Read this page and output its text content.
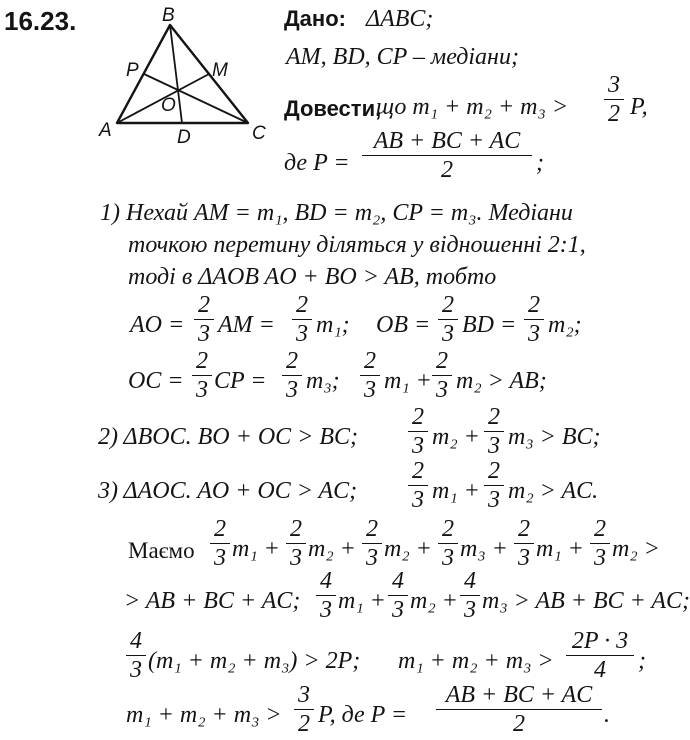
16.23.	B
P	M
O
A	D	C
Дано: ΔABC;
AM, BD, CP – медіани;
Довести,
що m₁ + m₂ + m₃ >
3
2 P,
де P =
AB + BC + AC
2	;
1) Нехай AM = m₁, BD = m₂, CP = m₃. Медіани
точкою перетину діляться у відношенні 2:1,
тоді в ΔAOB AO + BO > AB, тобто
AO =
2
3 AM =
2
3 m₁; OB =
2
3 BD =
2
3 m₂;
OC =
2
3 CP =
2
3 m₃;
2
3 m₁ +
2
3 m₂ > AB;
2) ΔBOC. BO + OC > BC;
2
3 m₂ +
2
3 m₃ > BC;
3) ΔAOC. AO + OC > AC;
2
3 m₁ +
2
3 m₂ > AC.
Маємо
2
3 m₁ +
2
3 m₂ +
2
3 m₂ +
2
3 m₃ +
2
3 m₁ +
2
3 m₂ >
> AB + BC + AC;
4
3 m₁ +
4
3 m₂ +
4
3 m₃ > AB + BC + AC;
4
3 (m₁ + m₂ + m₃) > 2P; m₁ + m₂ + m₃ >
2P · 3
4	;
m₁ + m₂ + m₃ >
3
2 P, де P =
AB + BC + AC
2	.
